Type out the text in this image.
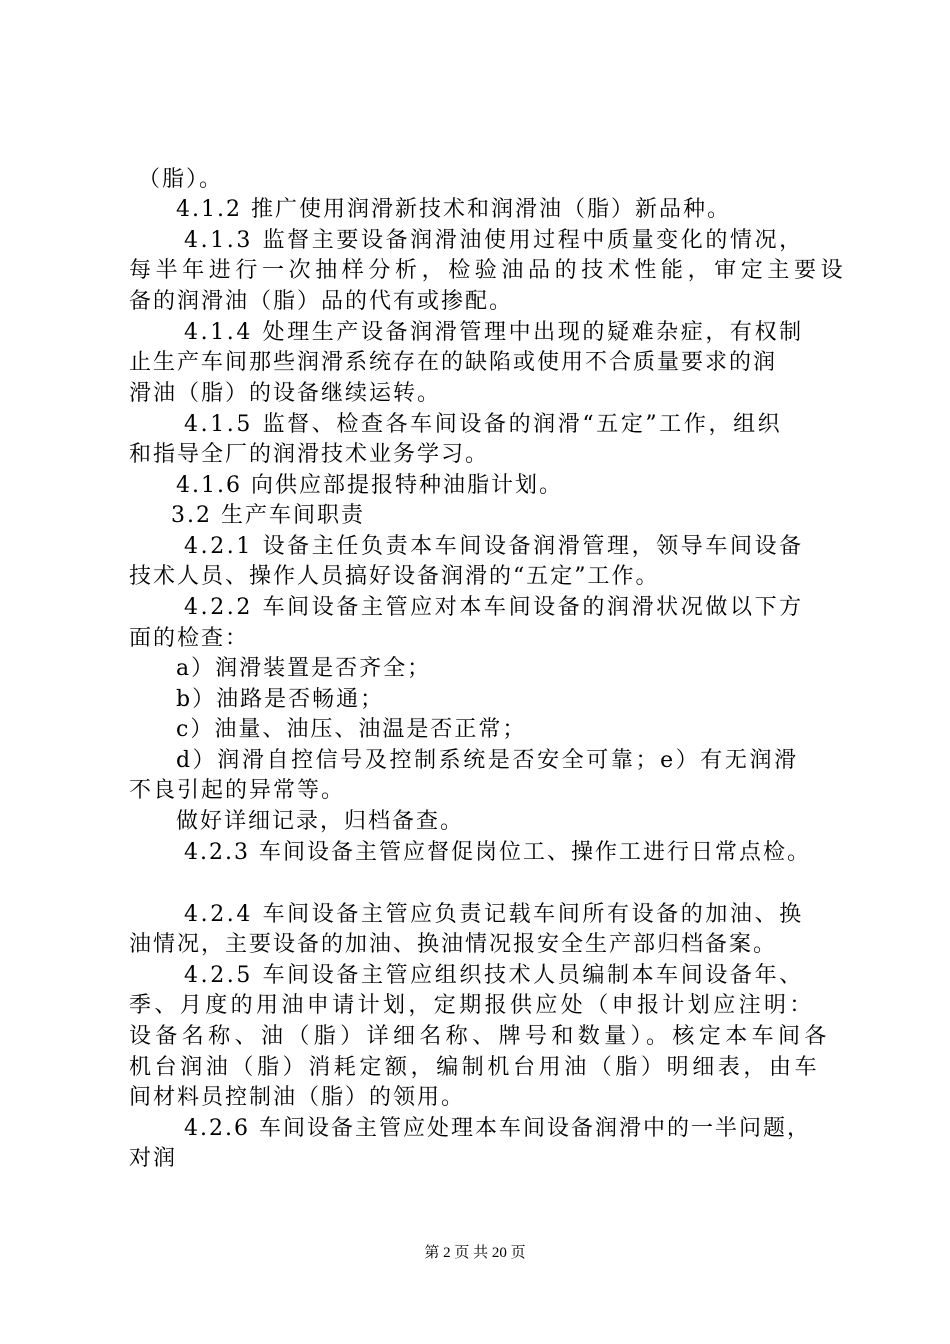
（脂）。
4.1.2 推广使用润滑新技术和润滑油（脂）新品种。
4.1.3 监督主要设备润滑油使用过程中质量变化的情况，
每半年进行一次抽样分析，检验油品的技术性能，审定主要设
备的润滑油（脂）品的代有或掺配。
4.1.4 处理生产设备润滑管理中出现的疑难杂症，有权制
止生产车间那些润滑系统存在的缺陷或使用不合质量要求的润
滑油（脂）的设备继续运转。
4.1.5 监督、检查各车间设备的润滑“五定”工作，组织
和指导全厂的润滑技术业务学习。
4.1.6 向供应部提报特种油脂计划。
3.2 生产车间职责
4.2.1 设备主任负责本车间设备润滑管理，领导车间设备
技术人员、操作人员搞好设备润滑的“五定”工作。
4.2.2 车间设备主管应对本车间设备的润滑状况做以下方
面的检查：
a）润滑装置是否齐全；
b）油路是否畅通；
c）油量、油压、油温是否正常；
d）润滑自控信号及控制系统是否安全可靠；e）有无润滑
不良引起的异常等。
做好详细记录，归档备查。
4.2.3 车间设备主管应督促岗位工、操作工进行日常点检。
4.2.4 车间设备主管应负责记载车间所有设备的加油、换
油情况，主要设备的加油、换油情况报安全生产部归档备案。
4.2.5 车间设备主管应组织技术人员编制本车间设备年、
季、月度的用油申请计划，定期报供应处（申报计划应注明：
设备名称、油（脂）详细名称、牌号和数量）。核定本车间各
机台润油（脂）消耗定额，编制机台用油（脂）明细表，由车
间材料员控制油（脂）的领用。
4.2.6 车间设备主管应处理本车间设备润滑中的一半问题，
对润
第 2 页 共 20 页
